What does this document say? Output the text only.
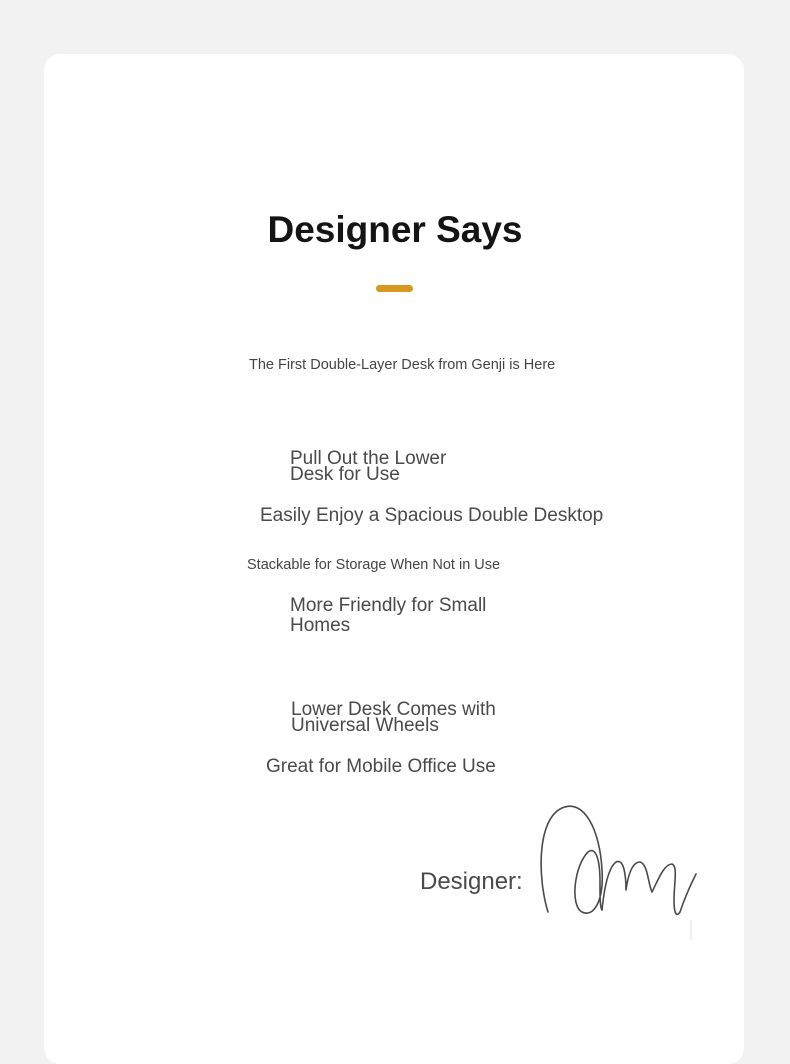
Designer Says

The First Double-Layer Desk from Genji is Here

Pull Out the Lower Desk for Use

Easily Enjoy a Spacious Double Desktop

Stackable for Storage When Not in Use

More Friendly for Small Homes

Lower Desk Comes with Universal Wheels

Great for Mobile Office Use

Designer:
